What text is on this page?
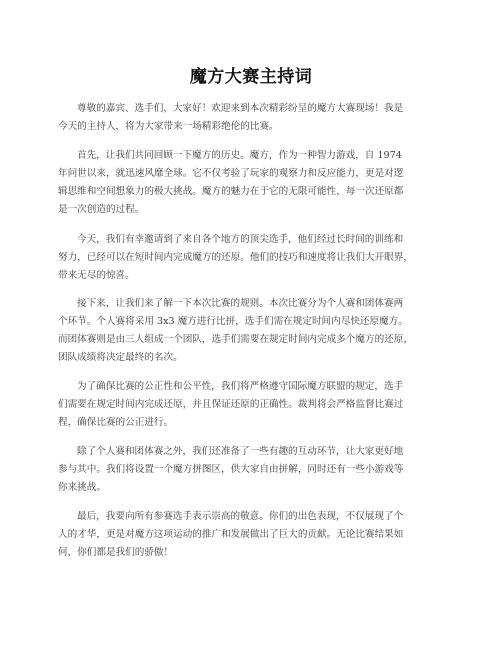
魔方大赛主持词
尊敬的嘉宾、选手们，大家好！欢迎来到本次精彩纷呈的魔方大赛现场！我是
今天的主持人，将为大家带来一场精彩绝伦的比赛。
首先，让我们共同回顾一下魔方的历史。魔方，作为一种智力游戏，自 1974
年问世以来，就迅速风靡全球。它不仅考验了玩家的观察力和反应能力，更是对逻
辑思维和空间想象力的极大挑战。魔方的魅力在于它的无限可能性，每一次还原都
是一次创造的过程。
今天，我们有幸邀请到了来自各个地方的顶尖选手，他们经过长时间的训练和
努力，已经可以在短时间内完成魔方的还原。他们的技巧和速度将让我们大开眼界，
带来无尽的惊喜。
接下来，让我们来了解一下本次比赛的规则。本次比赛分为个人赛和团体赛两
个环节。个人赛将采用 3x3 魔方进行比拼，选手们需在规定时间内尽快还原魔方。
而团体赛则是由三人组成一个团队，选手们需要在规定时间内完成多个魔方的还原，
团队成绩将决定最终的名次。
为了确保比赛的公正性和公平性，我们将严格遵守国际魔方联盟的规定，选手
们需要在规定时间内完成还原，并且保证还原的正确性。裁判将会严格监督比赛过
程，确保比赛的公正进行。
除了个人赛和团体赛之外，我们还准备了一些有趣的互动环节，让大家更好地
参与其中。我们将设置一个魔方拼图区，供大家自由拼解，同时还有一些小游戏等
你来挑战。
最后，我要向所有参赛选手表示崇高的敬意。你们的出色表现，不仅展现了个
人的才华，更是对魔方这项运动的推广和发展做出了巨大的贡献。无论比赛结果如
何，你们都是我们的骄傲！
